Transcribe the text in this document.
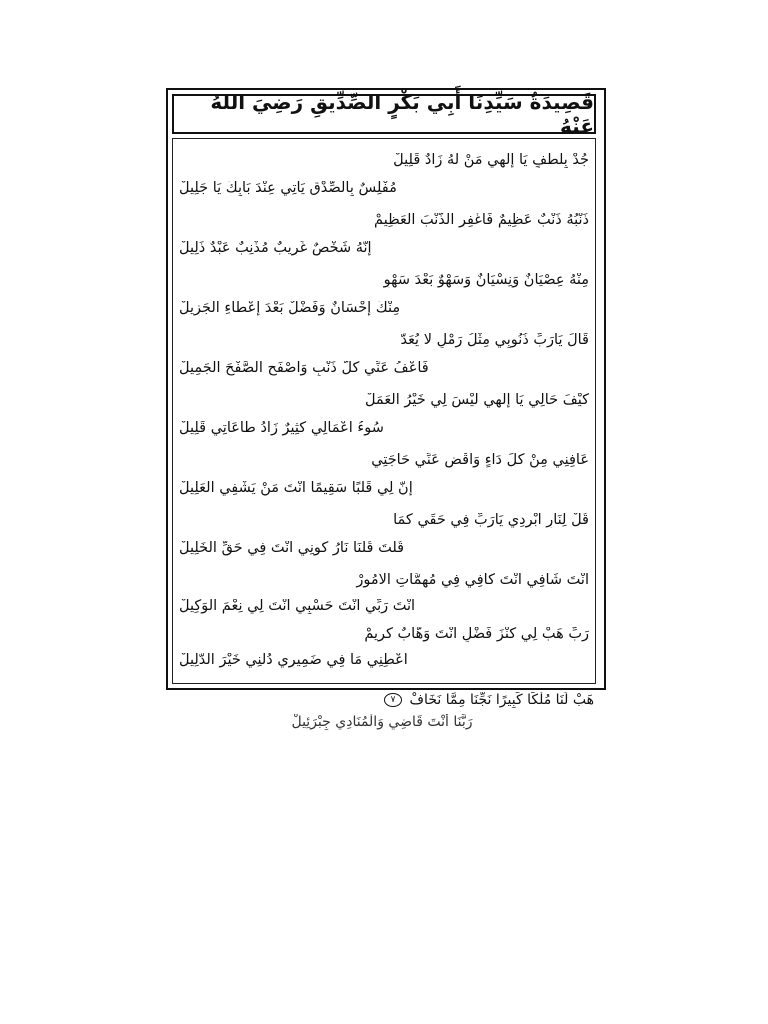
قَصِيدَةُ سَيِّدِنَا أَبِي بَكْرٍ الصِّدِّيقِ رَضِيَ اللهُ عَنْهُ
جُدْ بِلُطْفٍ يَا إِلَهِي مَنْ لَهُ زَادٌ قَلِيلْ
مُفْلِسٌ بِالصِّدْقِ يَأْتِي عِنْدَ بَابِكَ يَا جَلِيلْ
ذَنْبُهُ ذَنْبٌ عَظِيمٌ فَاغْفِرِ الذَّنْبَ الْعَظِيمْ
إِنَّهُ شَخْصٌ غَرِيبٌ مُذْنِبٌ عَبْدٌ ذَلِيلْ
مِنْهُ عِصْيَانٌ وَنِسْيَانٌ وَسَهْوٌ بَعْدَ سَهْوٍ
مِنْكَ إِحْسَانٌ وَفَضْلٌ بَعْدَ إِعْطَاءِ الْجَزِيلْ
قَالَ يَارَبِّ ذُنُوبِي مِثْلُ رَمْلٍ لَا يُعَدّ
فَاعْفُ عَنِّي كُلَّ ذَنْبٍ وَاصْفَحِ الصَّفْحَ الْجَمِيلْ
كَيْفَ حَالِي يَا إِلَهِي لَيْسَ لِي خَيْرُ الْعَمَلْ
سُوءُ أَعْمَالِي كَثِيرٌ زَادُ طَاعَاتِي قَلِيلْ
عَافِنِي مِنْ كُلِّ دَاءٍ وَاقْضِ عَنِّي حَاجَتِي
إِنَّ لِي قَلْبًا سَقِيمًا أَنْتَ مَنْ يَشْفِي الْعَلِيلْ
قُلْ لِنَارٍ أَبْرِدِي يَارَبِّ فِي حَقِّي كَمَا
قُلْتَ قُلْنَا نَارُ كُونِي أَنْتَ فِي حَقِّ الْخَلِيلْ
أَنْتَ شَافِي أَنْتَ كَافِي فِي مُهِمَّاتِ الْأُمُورْ
أَنْتَ رَبِّي أَنْتَ حَسْبِي أَنْتَ لِي نِعْمَ الْوَكِيلْ
رَبِّ هَبْ لِي كَنْزَ فَضْلٍ أَنْتَ وَهَّابٌ كَرِيمْ
أَعْطِنِي مَا فِي ضَمِيرِي دُلَّنِي خَيْرَ الدَّلِيلْ
هَبْ لَنَا مُلْكًا كَبِيرًا نَجِّنَا مِمَّا نَخَافْ ٧
رَبَّنَا أَنْتَ قَاضِي وَالْمُنَادِي جِبْرَئِيلْ
